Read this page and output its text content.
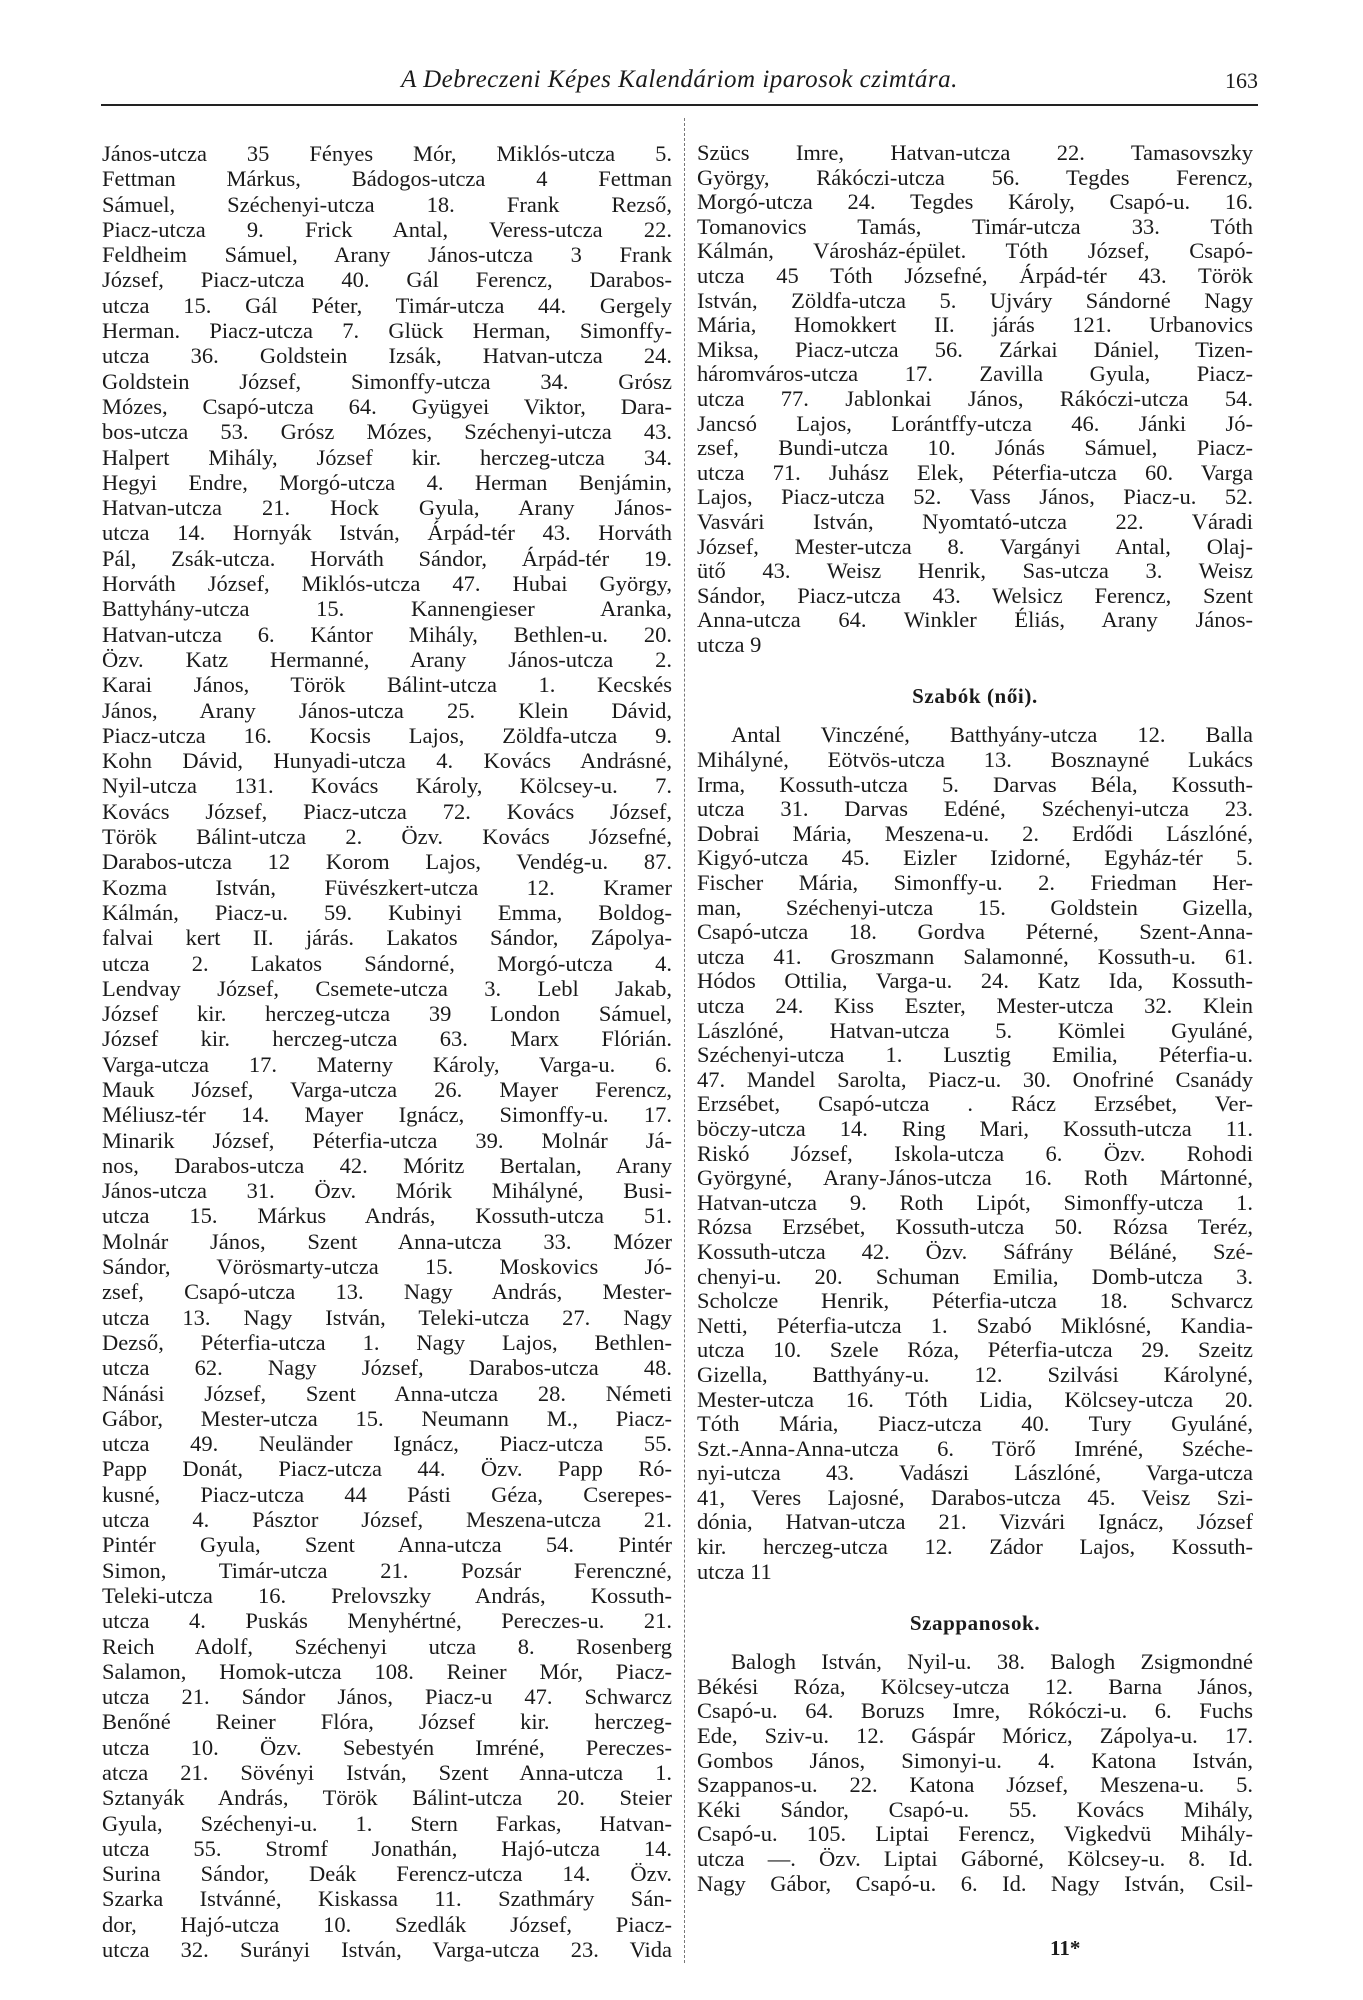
A Debreczeni Képes Kalendáriom iparosok czimtára.	163
János-utcza 35 Fényes Mór, Miklós-utcza 5.
Fettman Márkus, Bádogos-utcza 4 Fettman
Sámuel, Széchenyi-utcza 18. Frank Rezső,
Piacz-utcza 9. Frick Antal, Veress-utcza 22.
Feldheim Sámuel, Arany János-utcza 3 Frank
József, Piacz-utcza 40. Gál Ferencz, Darabos-
utcza 15. Gál Péter, Timár-utcza 44. Gergely
Herman. Piacz-utcza 7. Glück Herman, Simonffy-
utcza 36. Goldstein Izsák, Hatvan-utcza 24.
Goldstein József, Simonffy-utcza 34. Grósz
Mózes, Csapó-utcza 64. Gyügyei Viktor, Dara-
bos-utcza 53. Grósz Mózes, Széchenyi-utcza 43.
Halpert Mihály, József kir. herczeg-utcza 34.
Hegyi Endre, Morgó-utcza 4. Herman Benjámin,
Hatvan-utcza 21. Hock Gyula, Arany János-
utcza 14. Hornyák István, Árpád-tér 43. Horváth
Pál, Zsák-utcza. Horváth Sándor, Árpád-tér 19.
Horváth József, Miklós-utcza 47. Hubai György,
Battyhány-utcza 15. Kannengieser Aranka,
Hatvan-utcza 6. Kántor Mihály, Bethlen-u. 20.
Özv. Katz Hermanné, Arany János-utcza 2.
Karai János, Török Bálint-utcza 1. Kecskés
János, Arany János-utcza 25. Klein Dávid,
Piacz-utcza 16. Kocsis Lajos, Zöldfa-utcza 9.
Kohn Dávid, Hunyadi-utcza 4. Kovács Andrásné,
Nyil-utcza 131. Kovács Károly, Kölcsey-u. 7.
Kovács József, Piacz-utcza 72. Kovács József,
Török Bálint-utcza 2. Özv. Kovács Józsefné,
Darabos-utcza 12 Korom Lajos, Vendég-u. 87.
Kozma István, Füvészkert-utcza 12. Kramer
Kálmán, Piacz-u. 59. Kubinyi Emma, Boldog-
falvai kert II. járás. Lakatos Sándor, Zápolya-
utcza 2. Lakatos Sándorné, Morgó-utcza 4.
Lendvay József, Csemete-utcza 3. Lebl Jakab,
József kir. herczeg-utcza 39 London Sámuel,
József kir. herczeg-utcza 63. Marx Flórián.
Varga-utcza 17. Materny Károly, Varga-u. 6.
Mauk József, Varga-utcza 26. Mayer Ferencz,
Méliusz-tér 14. Mayer Ignácz, Simonffy-u. 17.
Minarik József, Péterfia-utcza 39. Molnár Já-
nos, Darabos-utcza 42. Móritz Bertalan, Arany
János-utcza 31. Özv. Mórik Mihályné, Busi-
utcza 15. Márkus András, Kossuth-utcza 51.
Molnár János, Szent Anna-utcza 33. Mózer
Sándor, Vörösmarty-utcza 15. Moskovics Jó-
zsef, Csapó-utcza 13. Nagy András, Mester-
utcza 13. Nagy István, Teleki-utcza 27. Nagy
Dezső, Péterfia-utcza 1. Nagy Lajos, Bethlen-
utcza 62. Nagy József, Darabos-utcza 48.
Nánási József, Szent Anna-utcza 28. Németi
Gábor, Mester-utcza 15. Neumann M., Piacz-
utcza 49. Neuländer Ignácz, Piacz-utcza 55.
Papp Donát, Piacz-utcza 44. Özv. Papp Ró-
kusné, Piacz-utcza 44 Pásti Géza, Cserepes-
utcza 4. Pásztor József, Meszena-utcza 21.
Pintér Gyula, Szent Anna-utcza 54. Pintér
Simon, Timár-utcza 21. Pozsár Ferenczné,
Teleki-utcza 16. Prelovszky András, Kossuth-
utcza 4. Puskás Menyhértné, Pereczes-u. 21.
Reich Adolf, Széchenyi utcza 8. Rosenberg
Salamon, Homok-utcza 108. Reiner Mór, Piacz-
utcza 21. Sándor János, Piacz-u 47. Schwarcz
Benőné Reiner Flóra, József kir. herczeg-
utcza 10. Özv. Sebestyén Imréné, Pereczes-
atcza 21. Sövényi István, Szent Anna-utcza 1.
Sztanyák András, Török Bálint-utcza 20. Steier
Gyula, Széchenyi-u. 1. Stern Farkas, Hatvan-
utcza 55. Stromf Jonathán, Hajó-utcza 14.
Surina Sándor, Deák Ferencz-utcza 14. Özv.
Szarka Istvánné, Kiskassa 11. Szathmáry Sán-
dor, Hajó-utcza 10. Szedlák József, Piacz-
utcza 32. Surányi István, Varga-utcza 23. Vida
Szücs Imre, Hatvan-utcza 22. Tamasovszky
György, Rákóczi-utcza 56. Tegdes Ferencz,
Morgó-utcza 24. Tegdes Károly, Csapó-u. 16.
Tomanovics Tamás, Timár-utcza 33. Tóth
Kálmán, Városház-épület. Tóth József, Csapó-
utcza 45 Tóth Józsefné, Árpád-tér 43. Török
István, Zöldfa-utcza 5. Ujváry Sándorné Nagy
Mária, Homokkert II. járás 121. Urbanovics
Miksa, Piacz-utcza 56. Zárkai Dániel, Tizen-
háromváros-utcza 17. Zavilla Gyula, Piacz-
utcza 77. Jablonkai János, Rákóczi-utcza 54.
Jancsó Lajos, Lorántffy-utcza 46. Jánki Jó-
zsef, Bundi-utcza 10. Jónás Sámuel, Piacz-
utcza 71. Juhász Elek, Péterfia-utcza 60. Varga
Lajos, Piacz-utcza 52. Vass János, Piacz-u. 52.
Vasvári István, Nyomtató-utcza 22. Váradi
József, Mester-utcza 8. Vargányi Antal, Olaj-
ütő 43. Weisz Henrik, Sas-utcza 3. Weisz
Sándor, Piacz-utcza 43. Welsicz Ferencz, Szent
Anna-utcza 64. Winkler Éliás, Arany János-
utcza 9
Szabók (női).
Antal Vinczéné, Batthyány-utcza 12. Balla
Mihályné, Eötvös-utcza 13. Bosznayné Lukács
Irma, Kossuth-utcza 5. Darvas Béla, Kossuth-
utcza 31. Darvas Edéné, Széchenyi-utcza 23.
Dobrai Mária, Meszena-u. 2. Erdődi Lászlóné,
Kigyó-utcza 45. Eizler Izidorné, Egyház-tér 5.
Fischer Mária, Simonffy-u. 2. Friedman Her-
man, Széchenyi-utcza 15. Goldstein Gizella,
Csapó-utcza 18. Gordva Péterné, Szent-Anna-
utcza 41. Groszmann Salamonné, Kossuth-u. 61.
Hódos Ottilia, Varga-u. 24. Katz Ida, Kossuth-
utcza 24. Kiss Eszter, Mester-utcza 32. Klein
Lászlóné, Hatvan-utcza 5. Kömlei Gyuláné,
Széchenyi-utcza 1. Lusztig Emilia, Péterfia-u.
47. Mandel Sarolta, Piacz-u. 30. Onofriné Csanády
Erzsébet, Csapó-utcza . Rácz Erzsébet, Ver-
böczy-utcza 14. Ring Mari, Kossuth-utcza 11.
Riskó József, Iskola-utcza 6. Özv. Rohodi
Györgyné, Arany-János-utcza 16. Roth Mártonné,
Hatvan-utcza 9. Roth Lipót, Simonffy-utcza 1.
Rózsa Erzsébet, Kossuth-utcza 50. Rózsa Teréz,
Kossuth-utcza 42. Özv. Sáfrány Béláné, Szé-
chenyi-u. 20. Schuman Emilia, Domb-utcza 3.
Scholcze Henrik, Péterfia-utcza 18. Schvarcz
Netti, Péterfia-utcza 1. Szabó Miklósné, Kandia-
utcza 10. Szele Róza, Péterfia-utcza 29. Szeitz
Gizella, Batthyány-u. 12. Szilvási Károlyné,
Mester-utcza 16. Tóth Lidia, Kölcsey-utcza 20.
Tóth Mária, Piacz-utcza 40. Tury Gyuláné,
Szt.-Anna-Anna-utcza 6. Törő Imréné, Széche-
nyi-utcza 43. Vadászi Lászlóné, Varga-utcza
41, Veres Lajosné, Darabos-utcza 45. Veisz Szi-
dónia, Hatvan-utcza 21. Vizvári Ignácz, József
kir. herczeg-utcza 12. Zádor Lajos, Kossuth-
utcza 11
Szappanosok.
Balogh István, Nyil-u. 38. Balogh Zsigmondné
Békési Róza, Kölcsey-utcza 12. Barna János,
Csapó-u. 64. Boruzs Imre, Rókóczi-u. 6. Fuchs
Ede, Sziv-u. 12. Gáspár Móricz, Zápolya-u. 17.
Gombos János, Simonyi-u. 4. Katona István,
Szappanos-u. 22. Katona József, Meszena-u. 5.
Kéki Sándor, Csapó-u. 55. Kovács Mihály,
Csapó-u. 105. Liptai Ferencz, Vigkedvü Mihály-
utcza —. Özv. Liptai Gáborné, Kölcsey-u. 8. Id.
Nagy Gábor, Csapó-u. 6. Id. Nagy István, Csil-
11*
